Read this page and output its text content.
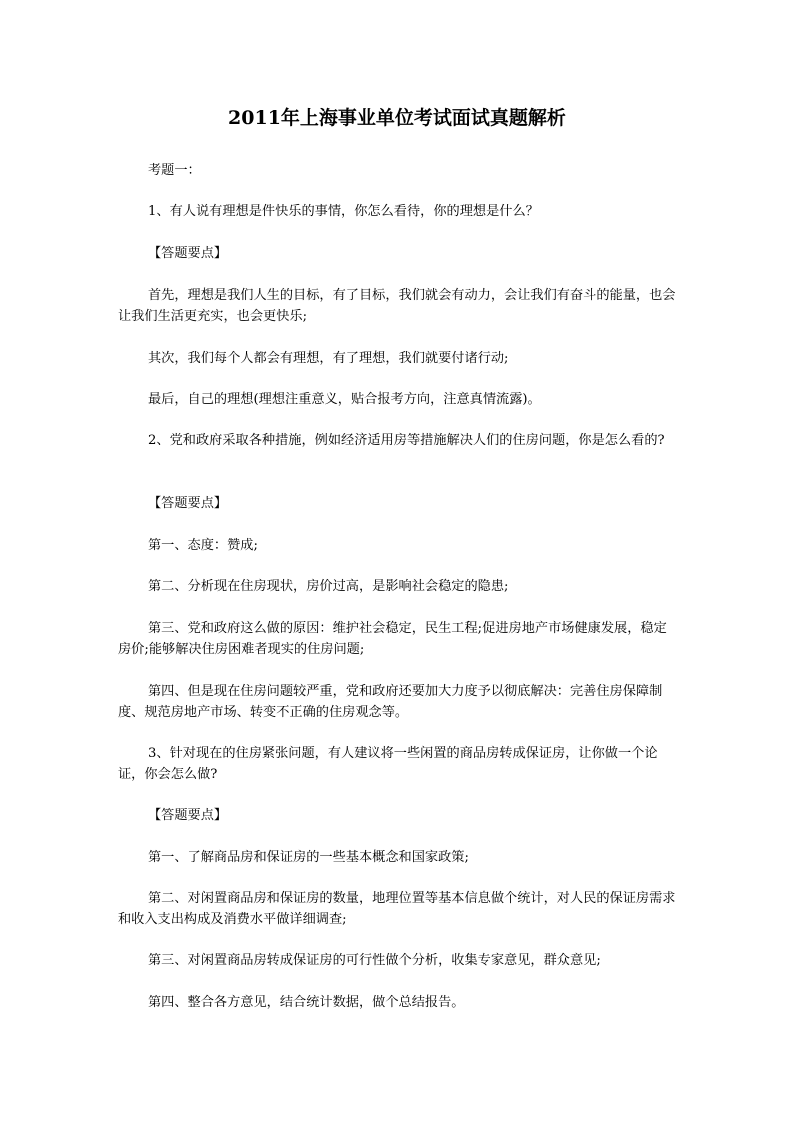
2011年上海事业单位考试面试真题解析

考题一：

1、有人说有理想是件快乐的事情，你怎么看待，你的理想是什么？

【答题要点】

首先，理想是我们人生的目标，有了目标，我们就会有动力，会让我们有奋斗的能量，也会让我们生活更充实，也会更快乐;

其次，我们每个人都会有理想，有了理想，我们就要付诸行动;

最后，自己的理想(理想注重意义，贴合报考方向，注意真情流露)。

2、党和政府采取各种措施，例如经济适用房等措施解决人们的住房问题，你是怎么看的?

【答题要点】

第一、态度：赞成;

第二、分析现在住房现状，房价过高，是影响社会稳定的隐患;

第三、党和政府这么做的原因：维护社会稳定，民生工程;促进房地产市场健康发展，稳定房价;能够解决住房困难者现实的住房问题;

第四、但是现在住房问题较严重，党和政府还要加大力度予以彻底解决：完善住房保障制度、规范房地产市场、转变不正确的住房观念等。

3、针对现在的住房紧张问题，有人建议将一些闲置的商品房转成保证房，让你做一个论证，你会怎么做?

【答题要点】

第一、了解商品房和保证房的一些基本概念和国家政策;

第二、对闲置商品房和保证房的数量，地理位置等基本信息做个统计，对人民的保证房需求和收入支出构成及消费水平做详细调查;

第三、对闲置商品房转成保证房的可行性做个分析，收集专家意见，群众意见;

第四、整合各方意见，结合统计数据，做个总结报告。
